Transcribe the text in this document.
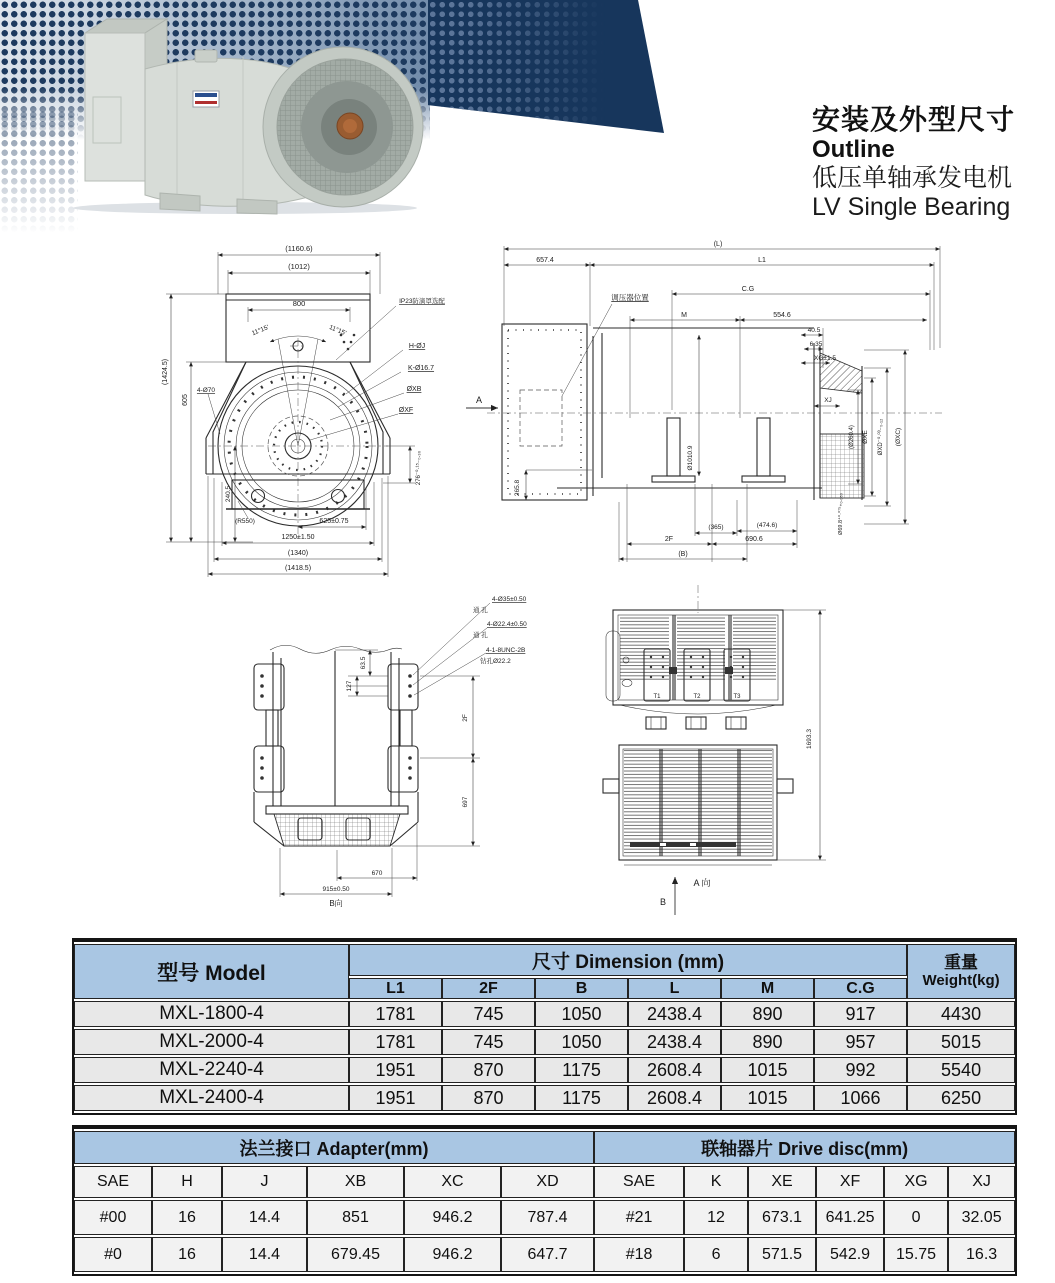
安装及外型尺寸
Outline
低压单轴承发电机
LV Single Bearing
(1160.6)
(1012)
800
11°15'	11°15'
(1424.5)
605
240.5
4-Ø70
IP23防滴罩选配
H-ØJ
K-Ø16.7
ØXB
ØXF
276⁻⁰·¹⁵₋₀.₃₆
(R550)	625±0.75
1250±1.50
(1340)
(1418.5)
(L)
657.4	L1
C.G
M	554.6
40.5
6.35
XG±1.5
XJ
调压器位置
A
265.8
Ø1010.9
(Ø260.4) ØXE ØXD⁻⁰·⁰³₋₀.₁₂ (ØXC)
Ø69.8⁺⁰·⁰⁷⁵₊₀.₀₆₀
(365)	(474.6)
2F	690.6
(B)
4-Ø35±0.50
通 孔
4-Ø22.4±0.50
通 孔
4-1-8UNC-2B
钻孔Ø22.2
63.5
127
2F
697
670
915±0.50
B向
T1	T2	T3
1693.3
A 向
B
型号 Model	尺寸 Dimension (mm)						重量
Weight(kg)

	L1	2F	B	L	M	C.G	
MXL-1800-4	1781	745	1050	2438.4	890	917	4430
MXL-2000-4	1781	745	1050	2438.4	890	957	5015
MXL-2240-4	1951	870	1175	2608.4	1015	992	5540
MXL-2400-4	1951	870	1175	2608.4	1015	1066	6250
法兰接口 Adapter(mm)						联轴器片 Drive disc(mm)					
SAE	H	J	XB	XC	XD	SAE	K	XE	XF	XG	XJ
#00	16	14.4	851	946.2	787.4	#21	12	673.1	641.25	0	32.05
#0	16	14.4	679.45	946.2	647.7	#18	6	571.5	542.9	15.75	16.3
